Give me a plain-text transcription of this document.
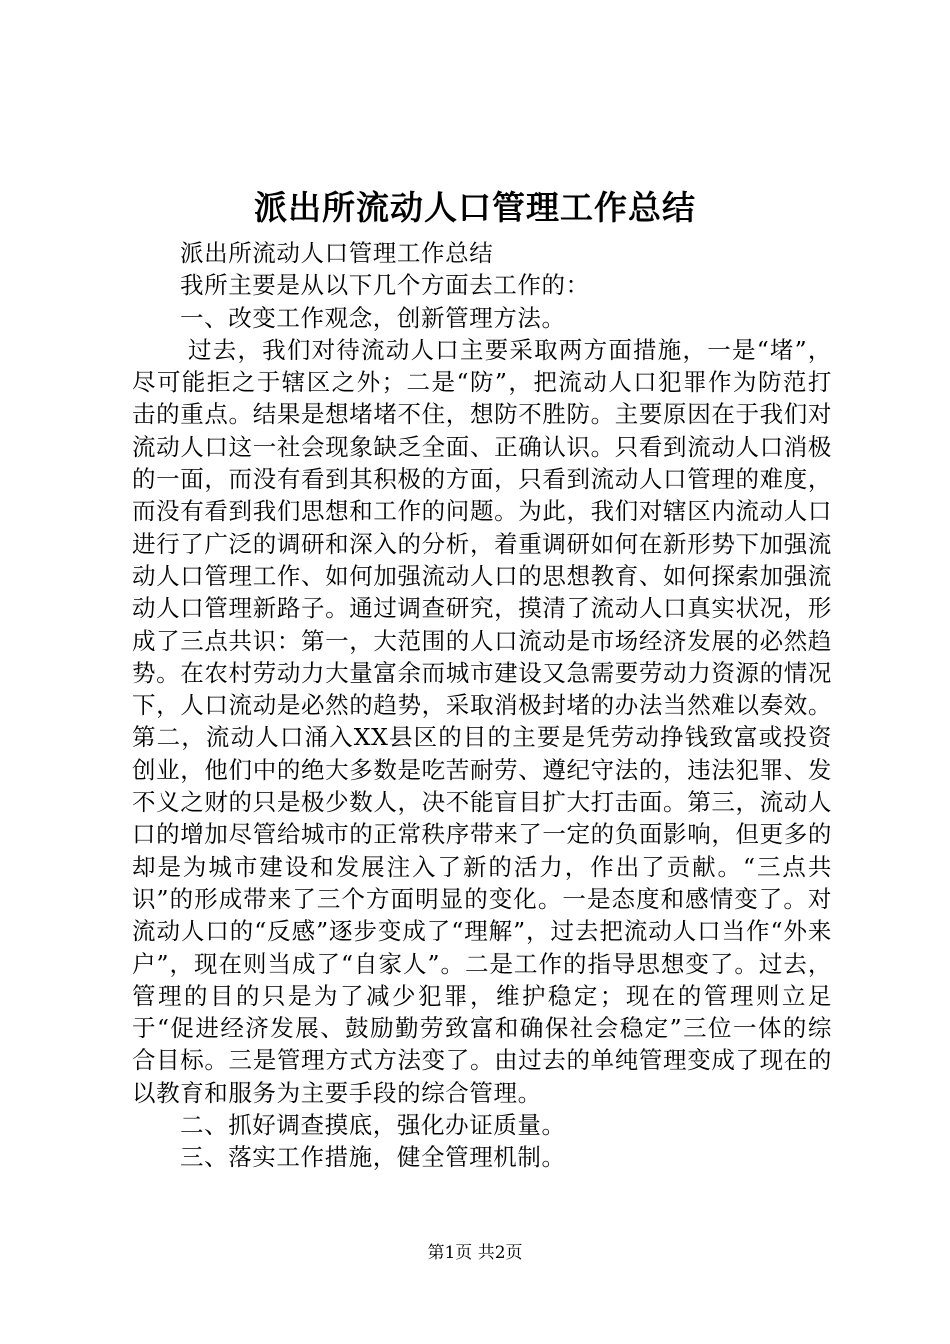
派出所流动人口管理工作总结

派出所流动人口管理工作总结

我所主要是从以下几个方面去工作的：

一、改变工作观念，创新管理方法。

过去，我们对待流动人口主要采取两方面措施，一是“堵”，尽可能拒之于辖区之外；二是“防”，把流动人口犯罪作为防范打击的重点。结果是想堵堵不住，想防不胜防。主要原因在于我们对流动人口这一社会现象缺乏全面、正确认识。只看到流动人口消极的一面，而没有看到其积极的方面，只看到流动人口管理的难度，而没有看到我们思想和工作的问题。为此，我们对辖区内流动人口进行了广泛的调研和深入的分析，着重调研如何在新形势下加强流动人口管理工作、如何加强流动人口的思想教育、如何探索加强流动人口管理新路子。通过调查研究，摸清了流动人口真实状况，形成了三点共识：第一，大范围的人口流动是市场经济发展的必然趋势。在农村劳动力大量富余而城市建设又急需要劳动力资源的情况下，人口流动是必然的趋势，采取消极封堵的办法当然难以奏效。第二，流动人口涌入XX县区的目的主要是凭劳动挣钱致富或投资创业，他们中的绝大多数是吃苦耐劳、遵纪守法的，违法犯罪、发不义之财的只是极少数人，决不能盲目扩大打击面。第三，流动人口的增加尽管给城市的正常秩序带来了一定的负面影响，但更多的却是为城市建设和发展注入了新的活力，作出了贡献。“三点共识”的形成带来了三个方面明显的变化。一是态度和感情变了。对流动人口的“反感”逐步变成了“理解”，过去把流动人口当作“外来户”，现在则当成了“自家人”。二是工作的指导思想变了。过去，管理的目的只是为了减少犯罪，维护稳定；现在的管理则立足于“促进经济发展、鼓励勤劳致富和确保社会稳定”三位一体的综合目标。三是管理方式方法变了。由过去的单纯管理变成了现在的以教育和服务为主要手段的综合管理。

二、抓好调查摸底，强化办证质量。

三、落实工作措施，健全管理机制。

第1页 共2页
